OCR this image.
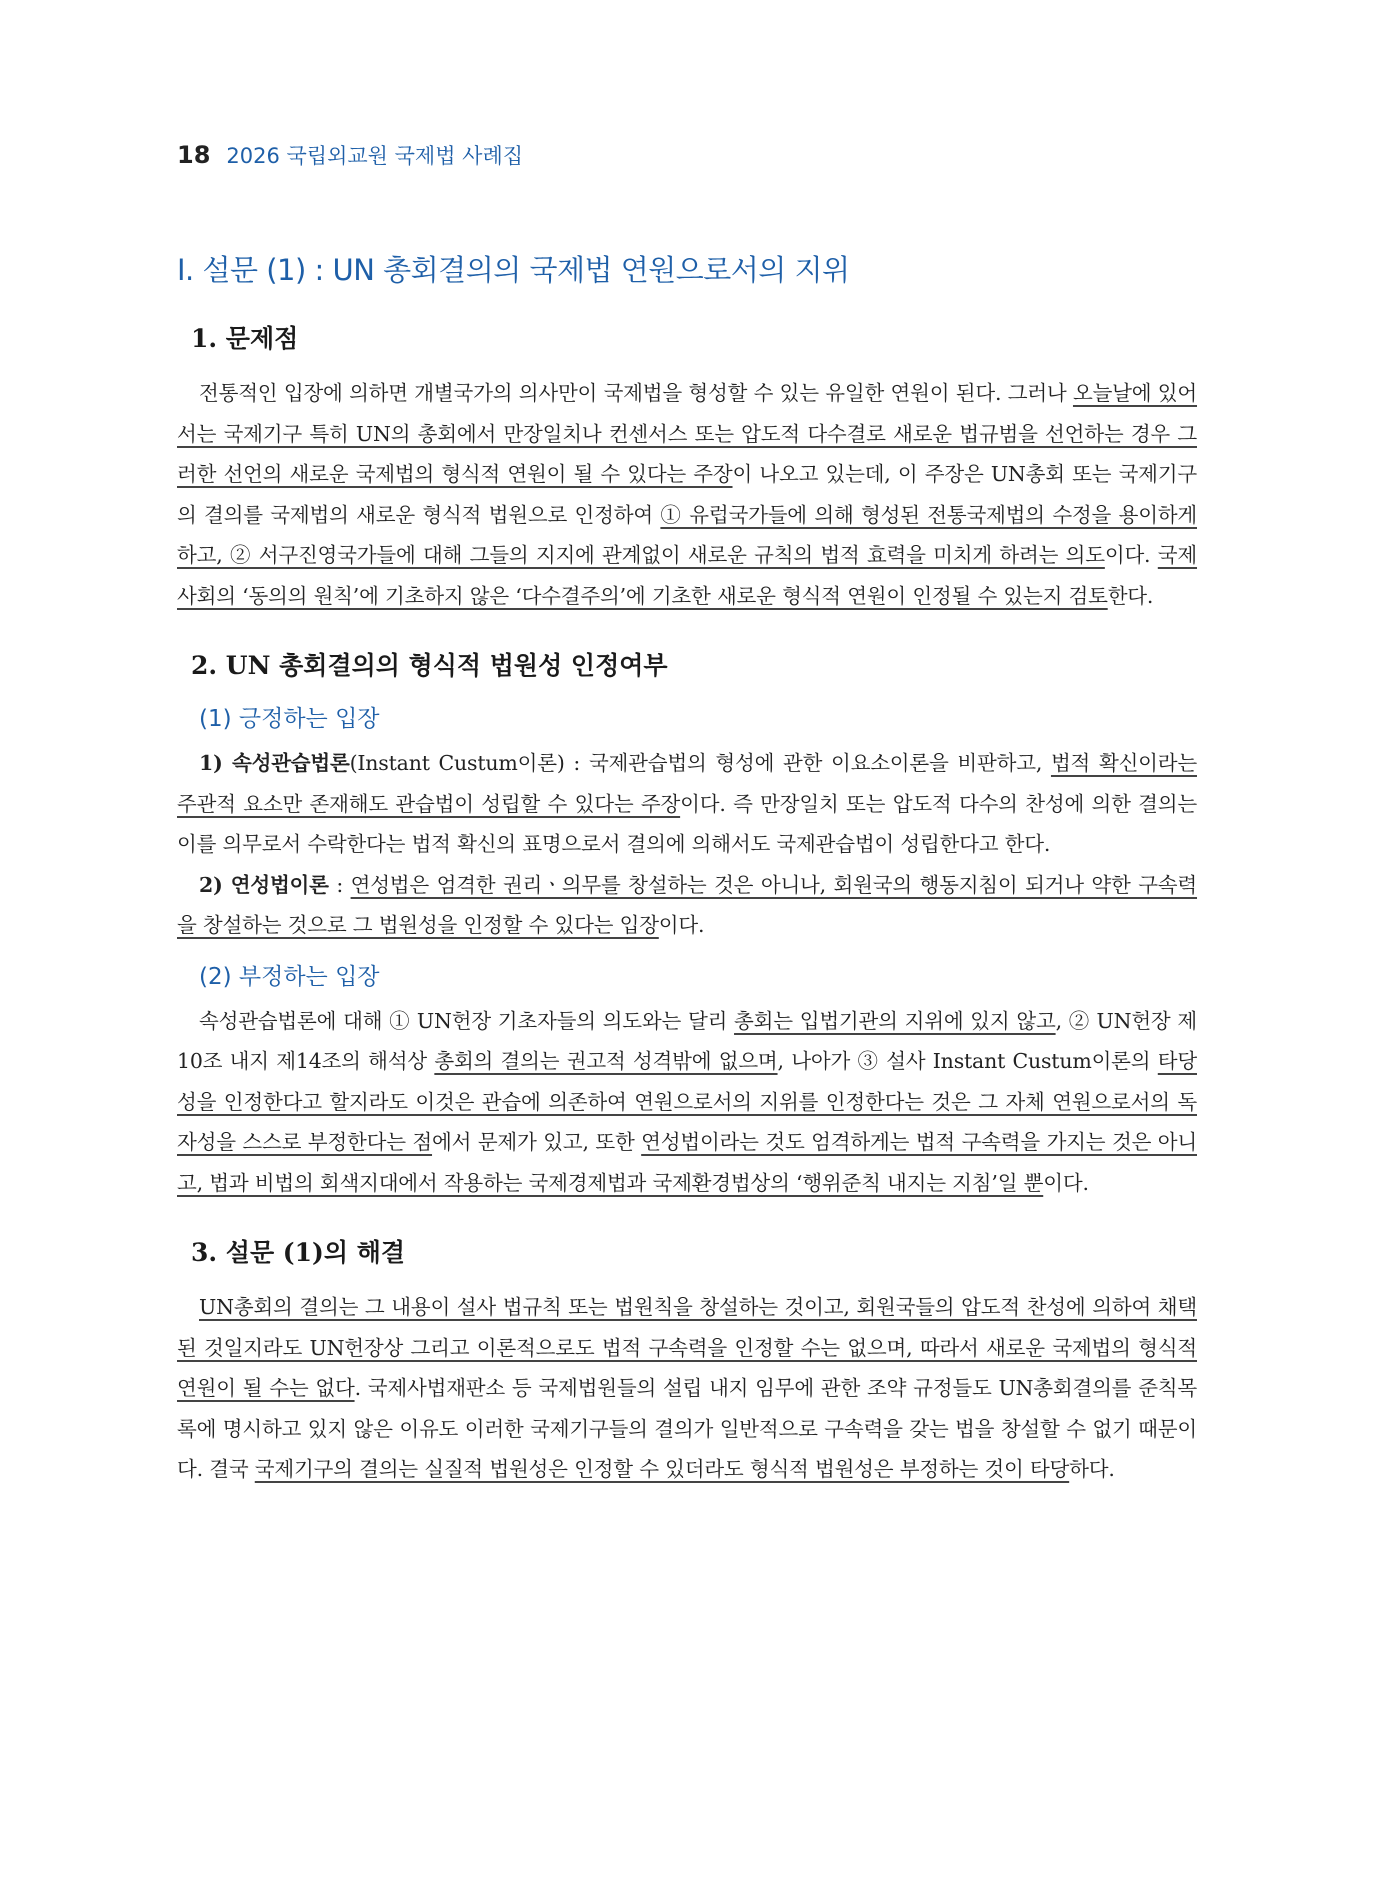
18 2026 국립외교원 국제법 사례집
Ⅰ. 설문 (1) : UN 총회결의의 국제법 연원으로서의 지위
1. 문제점

전통적인 입장에 의하면 개별국가의 의사만이 국제법을 형성할 수 있는 유일한 연원이 된다. 그러나 오늘날에 있어서는 국제기구 특히 UN의 총회에서 만장일치나 컨센서스 또는 압도적 다수결로 새로운 법규범을 선언하는 경우 그러한 선언의 새로운 국제법의 형식적 연원이 될 수 있다는 주장이 나오고 있는데, 이 주장은 UN총회 또는 국제기구의 결의를 국제법의 새로운 형식적 법원으로 인정하여 ① 유럽국가들에 의해 형성된 전통국제법의 수정을 용이하게 하고, ② 서구진영국가들에 대해 그들의 지지에 관계없이 새로운 규칙의 법적 효력을 미치게 하려는 의도이다. 국제사회의 ‘동의의 원칙’에 기초하지 않은 ‘다수결주의’에 기초한 새로운 형식적 연원이 인정될 수 있는지 검토한다.

2. UN 총회결의의 형식적 법원성 인정여부
(1) 긍정하는 입장

1) 속성관습법론(Instant Custum이론) : 국제관습법의 형성에 관한 이요소이론을 비판하고, 법적 확신이라는 주관적 요소만 존재해도 관습법이 성립할 수 있다는 주장이다. 즉 만장일치 또는 압도적 다수의 찬성에 의한 결의는 이를 의무로서 수락한다는 법적 확신의 표명으로서 결의에 의해서도 국제관습법이 성립한다고 한다.

2) 연성법이론 : 연성법은 엄격한 권리ㆍ의무를 창설하는 것은 아니나, 회원국의 행동지침이 되거나 약한 구속력을 창설하는 것으로 그 법원성을 인정할 수 있다는 입장이다.

(2) 부정하는 입장

속성관습법론에 대해 ① UN헌장 기초자들의 의도와는 달리 총회는 입법기관의 지위에 있지 않고, ② UN헌장 제10조 내지 제14조의 해석상 총회의 결의는 권고적 성격밖에 없으며, 나아가 ③ 설사 Instant Custum이론의 타당성을 인정한다고 할지라도 이것은 관습에 의존하여 연원으로서의 지위를 인정한다는 것은 그 자체 연원으로서의 독자성을 스스로 부정한다는 점에서 문제가 있고, 또한 연성법이라는 것도 엄격하게는 법적 구속력을 가지는 것은 아니고, 법과 비법의 회색지대에서 작용하는 국제경제법과 국제환경법상의 ‘행위준칙 내지는 지침’일 뿐이다.

3. 설문 (1)의 해결

UN총회의 결의는 그 내용이 설사 법규칙 또는 법원칙을 창설하는 것이고, 회원국들의 압도적 찬성에 의하여 채택된 것일지라도 UN헌장상 그리고 이론적으로도 법적 구속력을 인정할 수는 없으며, 따라서 새로운 국제법의 형식적 연원이 될 수는 없다. 국제사법재판소 등 국제법원들의 설립 내지 임무에 관한 조약 규정들도 UN총회결의를 준칙목록에 명시하고 있지 않은 이유도 이러한 국제기구들의 결의가 일반적으로 구속력을 갖는 법을 창설할 수 없기 때문이다. 결국 국제기구의 결의는 실질적 법원성은 인정할 수 있더라도 형식적 법원성은 부정하는 것이 타당하다.
